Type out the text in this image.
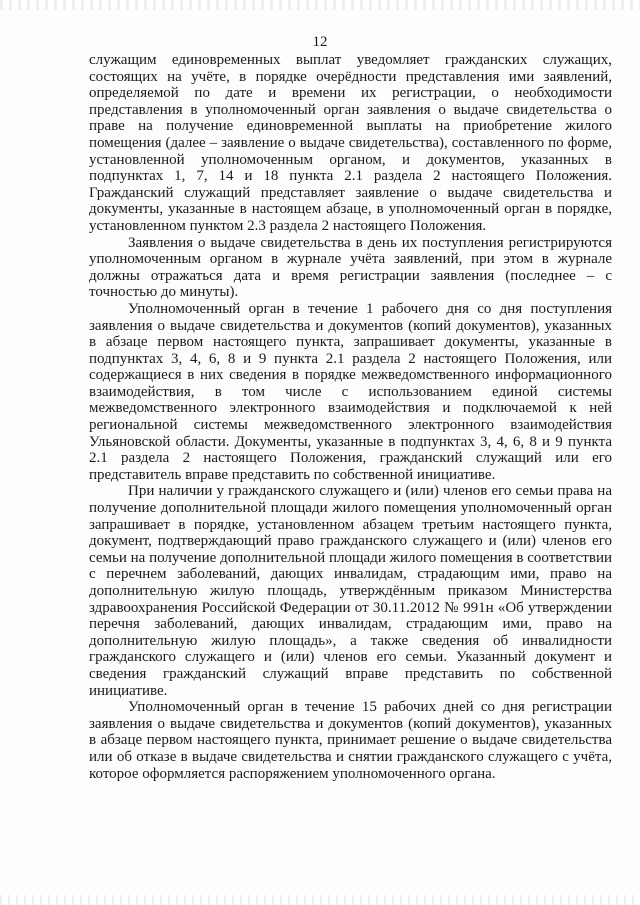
12

служащим единовременных выплат уведомляет гражданских служащих, состоящих на учёте, в порядке очерёдности представления ими заявлений, определяемой по дате и времени их регистрации, о необходимости представления в уполномоченный орган заявления о выдаче свидетельства о праве на получение единовременной выплаты на приобретение жилого помещения (далее – заявление о выдаче свидетельства), составленного по форме, установленной уполномоченным органом, и документов, указанных в подпунктах 1, 7, 14 и 18 пункта 2.1 раздела 2 настоящего Положения. Гражданский служащий представляет заявление о выдаче свидетельства и документы, указанные в настоящем абзаце, в уполномоченный орган в порядке, установленном пунктом 2.3 раздела 2 настоящего Положения.

Заявления о выдаче свидетельства в день их поступления регистрируются уполномоченным органом в журнале учёта заявлений, при этом в журнале должны отражаться дата и время регистрации заявления (последнее – с точностью до минуты).

Уполномоченный орган в течение 1 рабочего дня со дня поступления заявления о выдаче свидетельства и документов (копий документов), указанных в абзаце первом настоящего пункта, запрашивает документы, указанные в подпунктах 3, 4, 6, 8 и 9 пункта 2.1 раздела 2 настоящего Положения, или содержащиеся в них сведения в порядке межведомственного информационного взаимодействия, в том числе с использованием единой системы межведомственного электронного взаимодействия и подключаемой к ней региональной системы межведомственного электронного взаимодействия Ульяновской области. Документы, указанные в подпунктах 3, 4, 6, 8 и 9 пункта 2.1 раздела 2 настоящего Положения, гражданский служащий или его представитель вправе представить по собственной инициативе.

При наличии у гражданского служащего и (или) членов его семьи права на получение дополнительной площади жилого помещения уполномоченный орган запрашивает в порядке, установленном абзацем третьим настоящего пункта, документ, подтверждающий право гражданского служащего и (или) членов его семьи на получение дополнительной площади жилого помещения в соответствии с перечнем заболеваний, дающих инвалидам, страдающим ими, право на дополнительную жилую площадь, утверждённым приказом Министерства здравоохранения Российской Федерации от 30.11.2012 № 991н «Об утверждении перечня заболеваний, дающих инвалидам, страдающим ими, право на дополнительную жилую площадь», а также сведения об инвалидности гражданского служащего и (или) членов его семьи. Указанный документ и сведения гражданский служащий вправе представить по собственной инициативе.

Уполномоченный орган в течение 15 рабочих дней со дня регистрации заявления о выдаче свидетельства и документов (копий документов), указанных в абзаце первом настоящего пункта, принимает решение о выдаче свидетельства или об отказе в выдаче свидетельства и снятии гражданского служащего с учёта, которое оформляется распоряжением уполномоченного органа.
